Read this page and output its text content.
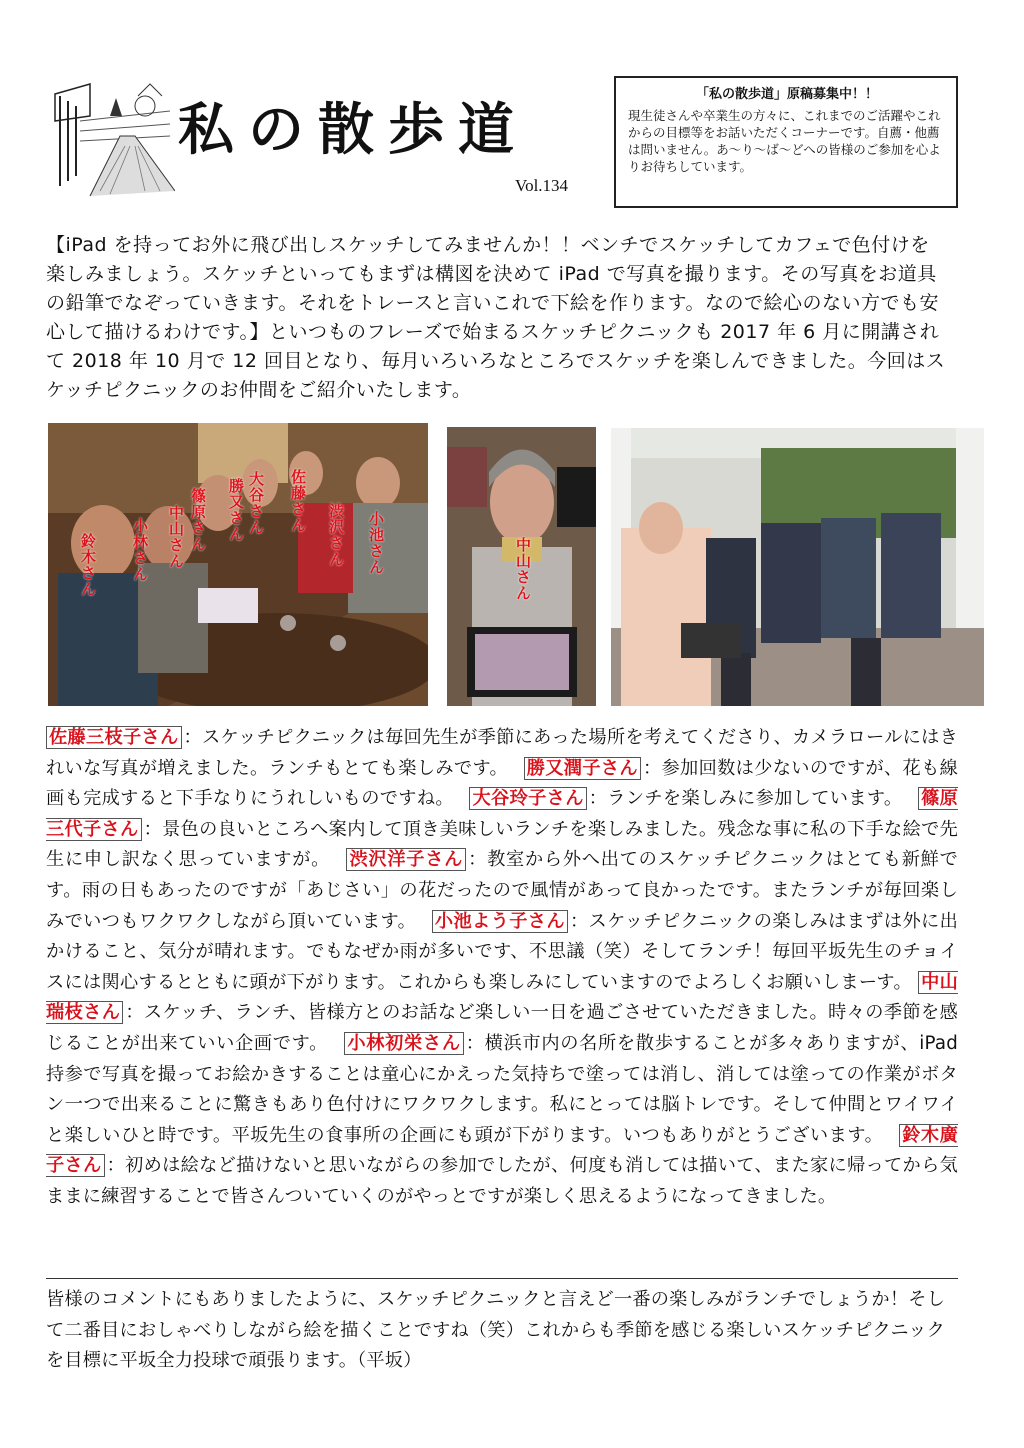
私の散歩道
Vol.134
「私の散歩道」原稿募集中！！
現生徒さんや卒業生の方々に、これまでのご活躍やこれからの目標等をお話いただくコーナーです。自薦・他薦は問いません。あ～り～ば～どへの皆様のご参加を心よりお待ちしています。
【iPad を持ってお外に飛び出しスケッチしてみませんか！！ベンチでスケッチしてカフェで色付けを楽しみましょう。スケッチといってもまずは構図を決めて iPad で写真を撮ります。その写真をお道具の鉛筆でなぞっていきます。それをトレースと言いこれで下絵を作ります。なので絵心のない方でも安心して描けるわけです。】といつものフレーズで始まるスケッチピクニックも 2017 年 6 月に開講されて 2018 年 10 月で 12 回目となり、毎月いろいろなところでスケッチを楽しんできました。今回はスケッチピクニックのお仲間をご紹介いたします。
鈴木さん 小林さん 中山さん 篠原さん 勝又さん 大谷さん 佐藤さん
渋沢さん 小池さん	中山さん
佐藤三枝子さん ：スケッチピクニックは毎回先生が季節にあった場所を考えてくださり、カメラロールにはきれいな写真が増えました。ランチもとても楽しみです。　 勝又潤子さん ：参加回数は少ないのですが、花も線画も完成すると下手なりにうれしいものですね。　 大谷玲子さん ：ランチを楽しみに参加しています。　 篠原三代子さん ：景色の良いところへ案内して頂き美味しいランチを楽しみました。残念な事に私の下手な絵で先生に申し訳なく思っていますが。　 渋沢洋子さん ：教室から外へ出てのスケッチピクニックはとても新鮮です。雨の日もあったのですが「あじさい」の花だったので風情があって良かったです。またランチが毎回楽しみでいつもワクワクしながら頂いています。　 小池よう子さん ：スケッチピクニックの楽しみはまずは外に出かけること、気分が晴れます。でもなぜか雨が多いです、不思議（笑）そしてランチ！毎回平坂先生のチョイスには関心するとともに頭が下がります。これからも楽しみにしていますのでよろしくお願いしまーす。 中山瑞枝さん ：スケッチ、ランチ、皆様方とのお話など楽しい一日を過ごさせていただきました。時々の季節を感じることが出来ていい企画です。　 小林初栄さん ：横浜市内の名所を散歩することが多々ありますが、iPad 持参で写真を撮ってお絵かきすることは童心にかえった気持ちで塗っては消し、消しては塗っての作業がボタン一つで出来ることに驚きもあり色付けにワクワクします。私にとっては脳トレです。そして仲間とワイワイと楽しいひと時です。平坂先生の食事所の企画にも頭が下がります。いつもありがとうございます。　 鈴木廣子さん ：初めは絵など描けないと思いながらの参加でしたが、何度も消しては描いて、また家に帰ってから気ままに練習することで皆さんついていくのがやっとですが楽しく思えるようになってきました。
皆様のコメントにもありましたように、スケッチピクニックと言えど一番の楽しみがランチでしょうか！そして二番目におしゃべりしながら絵を描くことですね（笑）これからも季節を感じる楽しいスケッチピクニックを目標に平坂全力投球で頑張ります。（平坂）
